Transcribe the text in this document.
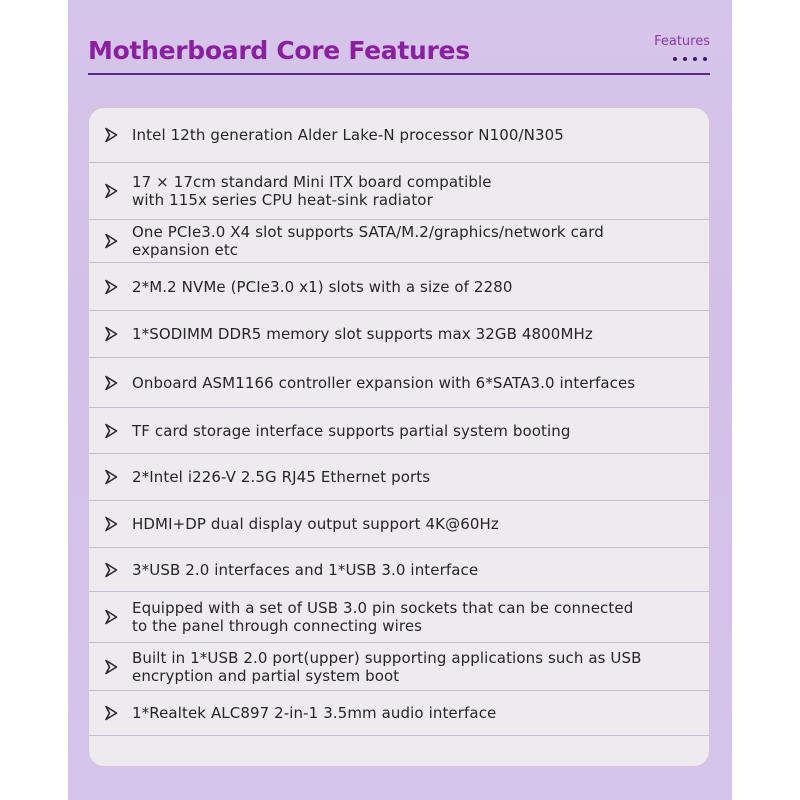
Motherboard Core Features	Features
Intel 12th generation Alder Lake-N processor N100/N305
17 × 17cm standard Mini ITX board compatible
with 115x series CPU heat-sink radiator
One PCIe3.0 X4 slot supports SATA/M.2/graphics/network card
expansion etc
2*M.2 NVMe (PCIe3.0 x1) slots with a size of 2280
1*SODIMM DDR5 memory slot supports max 32GB 4800MHz
Onboard ASM1166 controller expansion with 6*SATA3.0 interfaces
TF card storage interface supports partial system booting
2*Intel i226-V 2.5G RJ45 Ethernet ports
HDMI+DP dual display output support 4K@60Hz
3*USB 2.0 interfaces and 1*USB 3.0 interface
Equipped with a set of USB 3.0 pin sockets that can be connected
to the panel through connecting wires
Built in 1*USB 2.0 port(upper) supporting applications such as USB
encryption and partial system boot
1*Realtek ALC897 2-in-1 3.5mm audio interface
